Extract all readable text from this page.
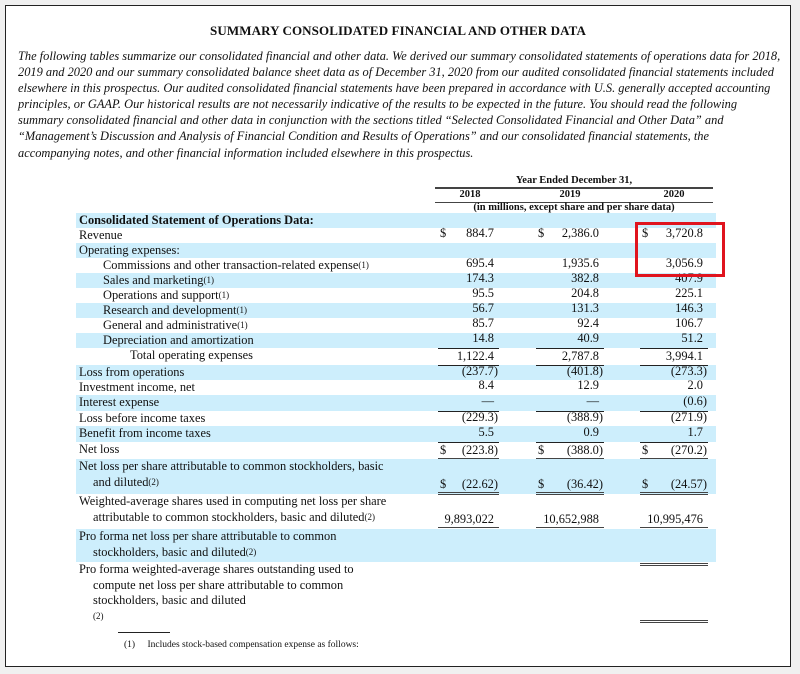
SUMMARY CONSOLIDATED FINANCIAL AND OTHER DATA
The following tables summarize our consolidated financial and other data. We derived our summary consolidated statements of operations data for 2018, 2019 and 2020 and our summary consolidated balance sheet data as of December 31, 2020 from our audited consolidated financial statements included elsewhere in this prospectus. Our audited consolidated financial statements have been prepared in accordance with U.S. generally accepted accounting principles, or GAAP. Our historical results are not necessarily indicative of the results to be expected in the future. You should read the following summary consolidated financial and other data in conjunction with the sections titled “Selected Consolidated Financial and Other Data” and “Management’s Discussion and Analysis of Financial Condition and Results of Operations” and our consolidated financial statements, the accompanying notes, and other financial information included elsewhere in this prospectus.
Year Ended December 31,
2018	2019	2020
(in millions, except share and per share data)
Consolidated Statement of Operations Data:
Revenue	$ 884.7	$ 2,386.0	$ 3,720.8
Operating expenses:
Commissions and other transaction-related expense$^{(1)}$	695.4	1,935.6	3,056.9
Sales and marketing$^{(1)}$	174.3	382.8	407.9
Operations and support$^{(1)}$	95.5	204.8	225.1
Research and development$^{(1)}$	56.7	131.3	146.3
General and administrative$^{(1)}$	85.7	92.4	106.7
Depreciation and amortization	14.8	40.9	51.2
Total operating expenses	1,122.4	2,787.8	3,994.1
Loss from operations	(237.7)	(401.8)	(273.3)
Investment income, net	8.4	12.9	2.0
Interest expense	—	—	(0.6)
Loss before income taxes	(229.3)	(388.9)	(271.9)
Benefit from income taxes	5.5	0.9	1.7
Net loss	$ (223.8)	$ (388.0)	$ (270.2)
Net loss per share attributable to common stockholders, basic
and diluted$^{(2)}$	$ (22.62)	$ (36.42)	$ (24.57)
Weighted-average shares used in computing net loss per share
attributable to common stockholders, basic and diluted$^{(2)}$	9,893,022	10,652,988	10,995,476
Pro forma net loss per share attributable to common
stockholders, basic and diluted$^{(2)}$
Pro forma weighted-average shares outstanding used to
compute net loss per share attributable to common
stockholders, basic and diluted
$^{(2)}$
(1) Includes stock-based compensation expense as follows:
